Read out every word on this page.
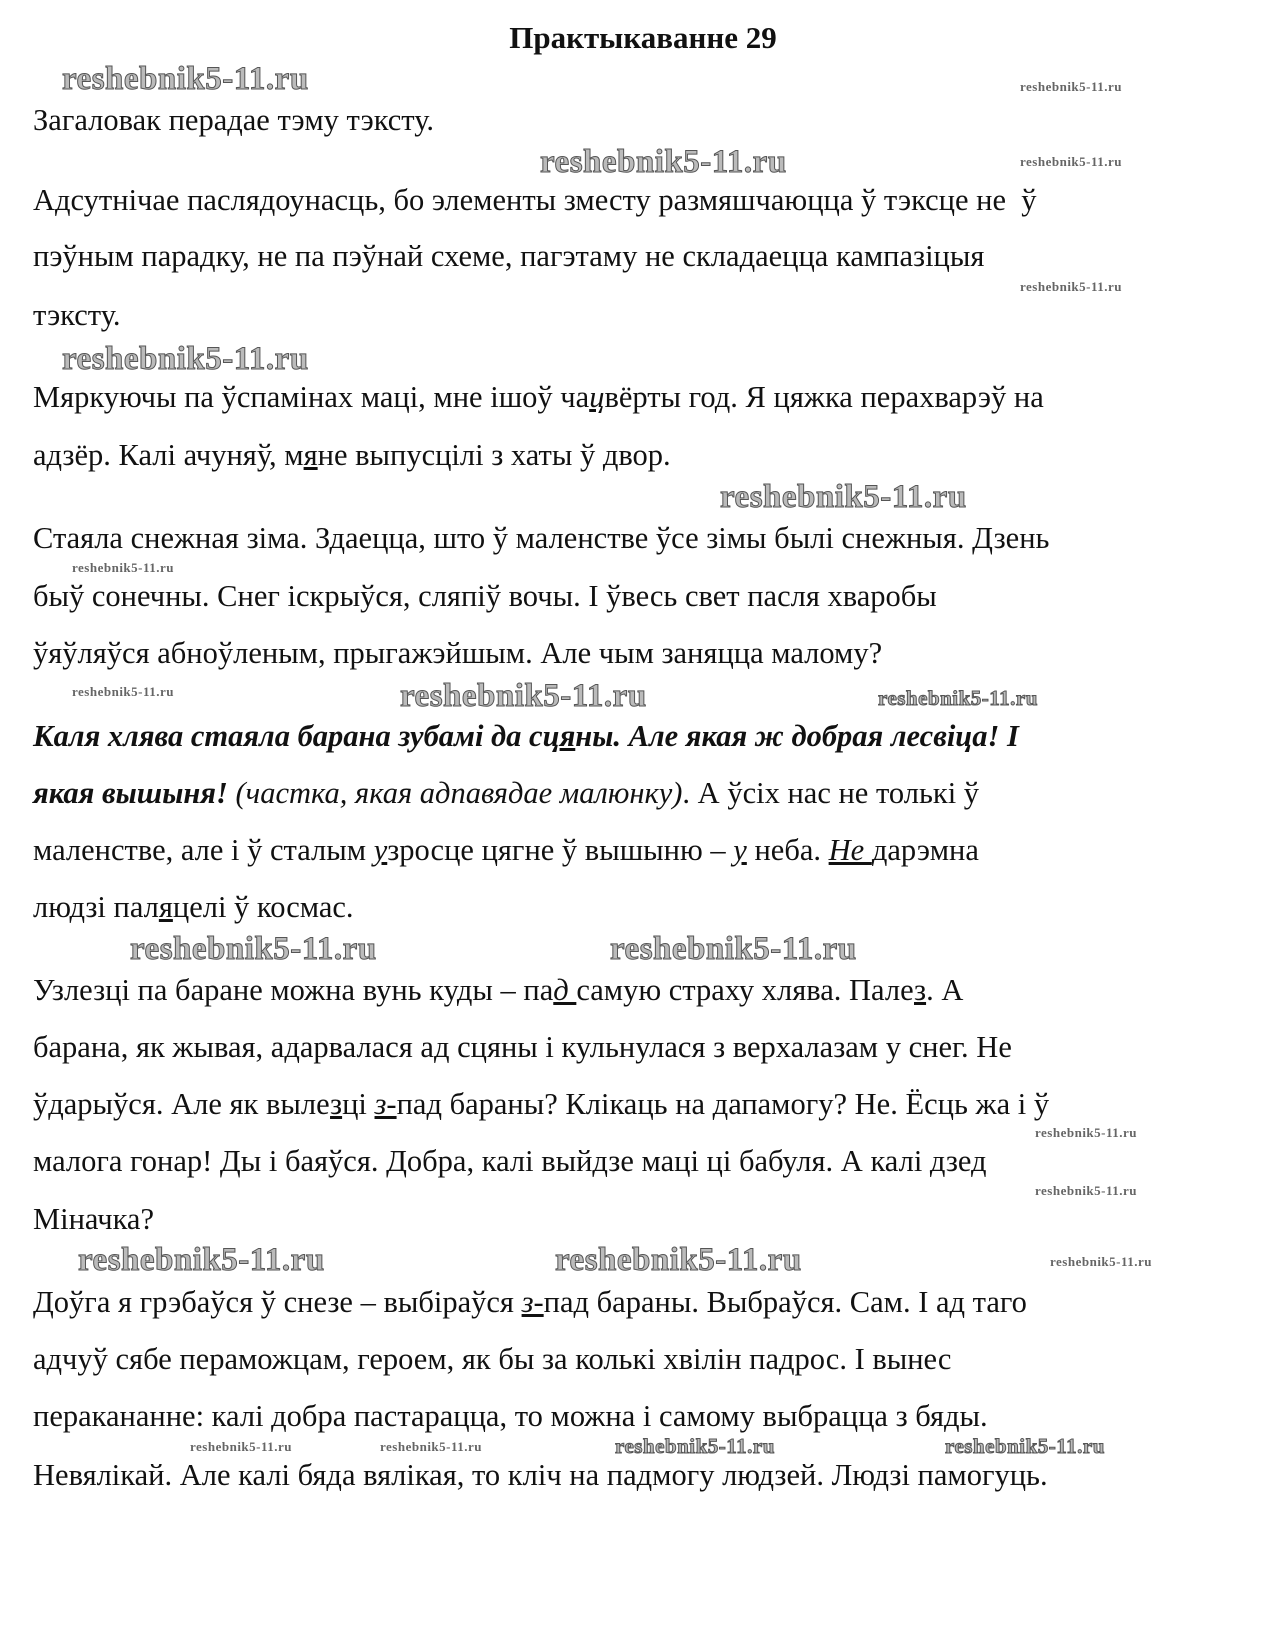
Практыкаванне 29
Загаловак перадае тэму тэксту.
Адсутнічае паслядоунасць, бо элементы зместу размяшчаюцца ў тэксце не  ў
пэўным парадку, не па пэўнай схеме, пагэтаму не складаецца кампазіцыя
тэксту.
Мяркуючы па ўспамінах маці, мне ішоў чацвёрты год. Я цяжка перахварэў на
адзёр. Калі ачуняў, мяне выпусцілі з хаты ў двор.
Стаяла снежная зіма. Здаецца, што ў маленстве ўсе зімы былі снежныя. Дзень
быў сонечны. Снег іскрыўся, сляпіў вочы. І ўвесь свет пасля хваробы
ўяўляўся абноўленым, прыгажэйшым. Але чым заняцца малому?
Каля хлява стаяла барана зубамі да сцяны. Але якая ж добрая лесвіца! І
якая вышыня! (частка, якая адпавядае малюнку). А ўсіх нас не толькі ў
маленстве, але і ў сталым узросце цягне ў вышыню – у неба. Не дарэмна
людзі паляцелі ў космас.
Узлезці па баране можна вунь куды – пад самую страху хлява. Палез. А
барана, як жывая, адарвалася ад сцяны і кульнулася з верхалазам у снег. Не
ўдарыўся. Але як вылезці з-пад бараны? Клікаць на дапамогу? Не. Ёсць жа і ў
малога гонар! Ды і баяўся. Добра, калі выйдзе маці ці бабуля. А калі дзед
Міначка?
Доўга я грэбаўся ў снезе – выбіраўся з-пад бараны. Выбраўся. Сам. І ад таго
адчуў сябе пераможцам, героем, як бы за колькі хвілін падрос. І вынес
перакананне: калі добра пастарацца, то можна і самому выбрацца з бяды.
Невялікай. Але калі бяда вялікая, то кліч на падмогу людзей. Людзі памогуць.
reshebnik5-11.ru
reshebnik5-11.ru
reshebnik5-11.ru
reshebnik5-11.ru
reshebnik5-11.ru
reshebnik5-11.ru
reshebnik5-11.ru
reshebnik5-11.ru
reshebnik5-11.ru
reshebnik5-11.ru	reshebnik5-11.ru
reshebnik5-11.ru
reshebnik5-11.ru
reshebnik5-11.ru
reshebnik5-11.ru
reshebnik5-11.ru
reshebnik5-11.ru
reshebnik5-11.ru
reshebnik5-11.ru
reshebnik5-11.ru
reshebnik5-11.ru	reshebnik5-11.ru
